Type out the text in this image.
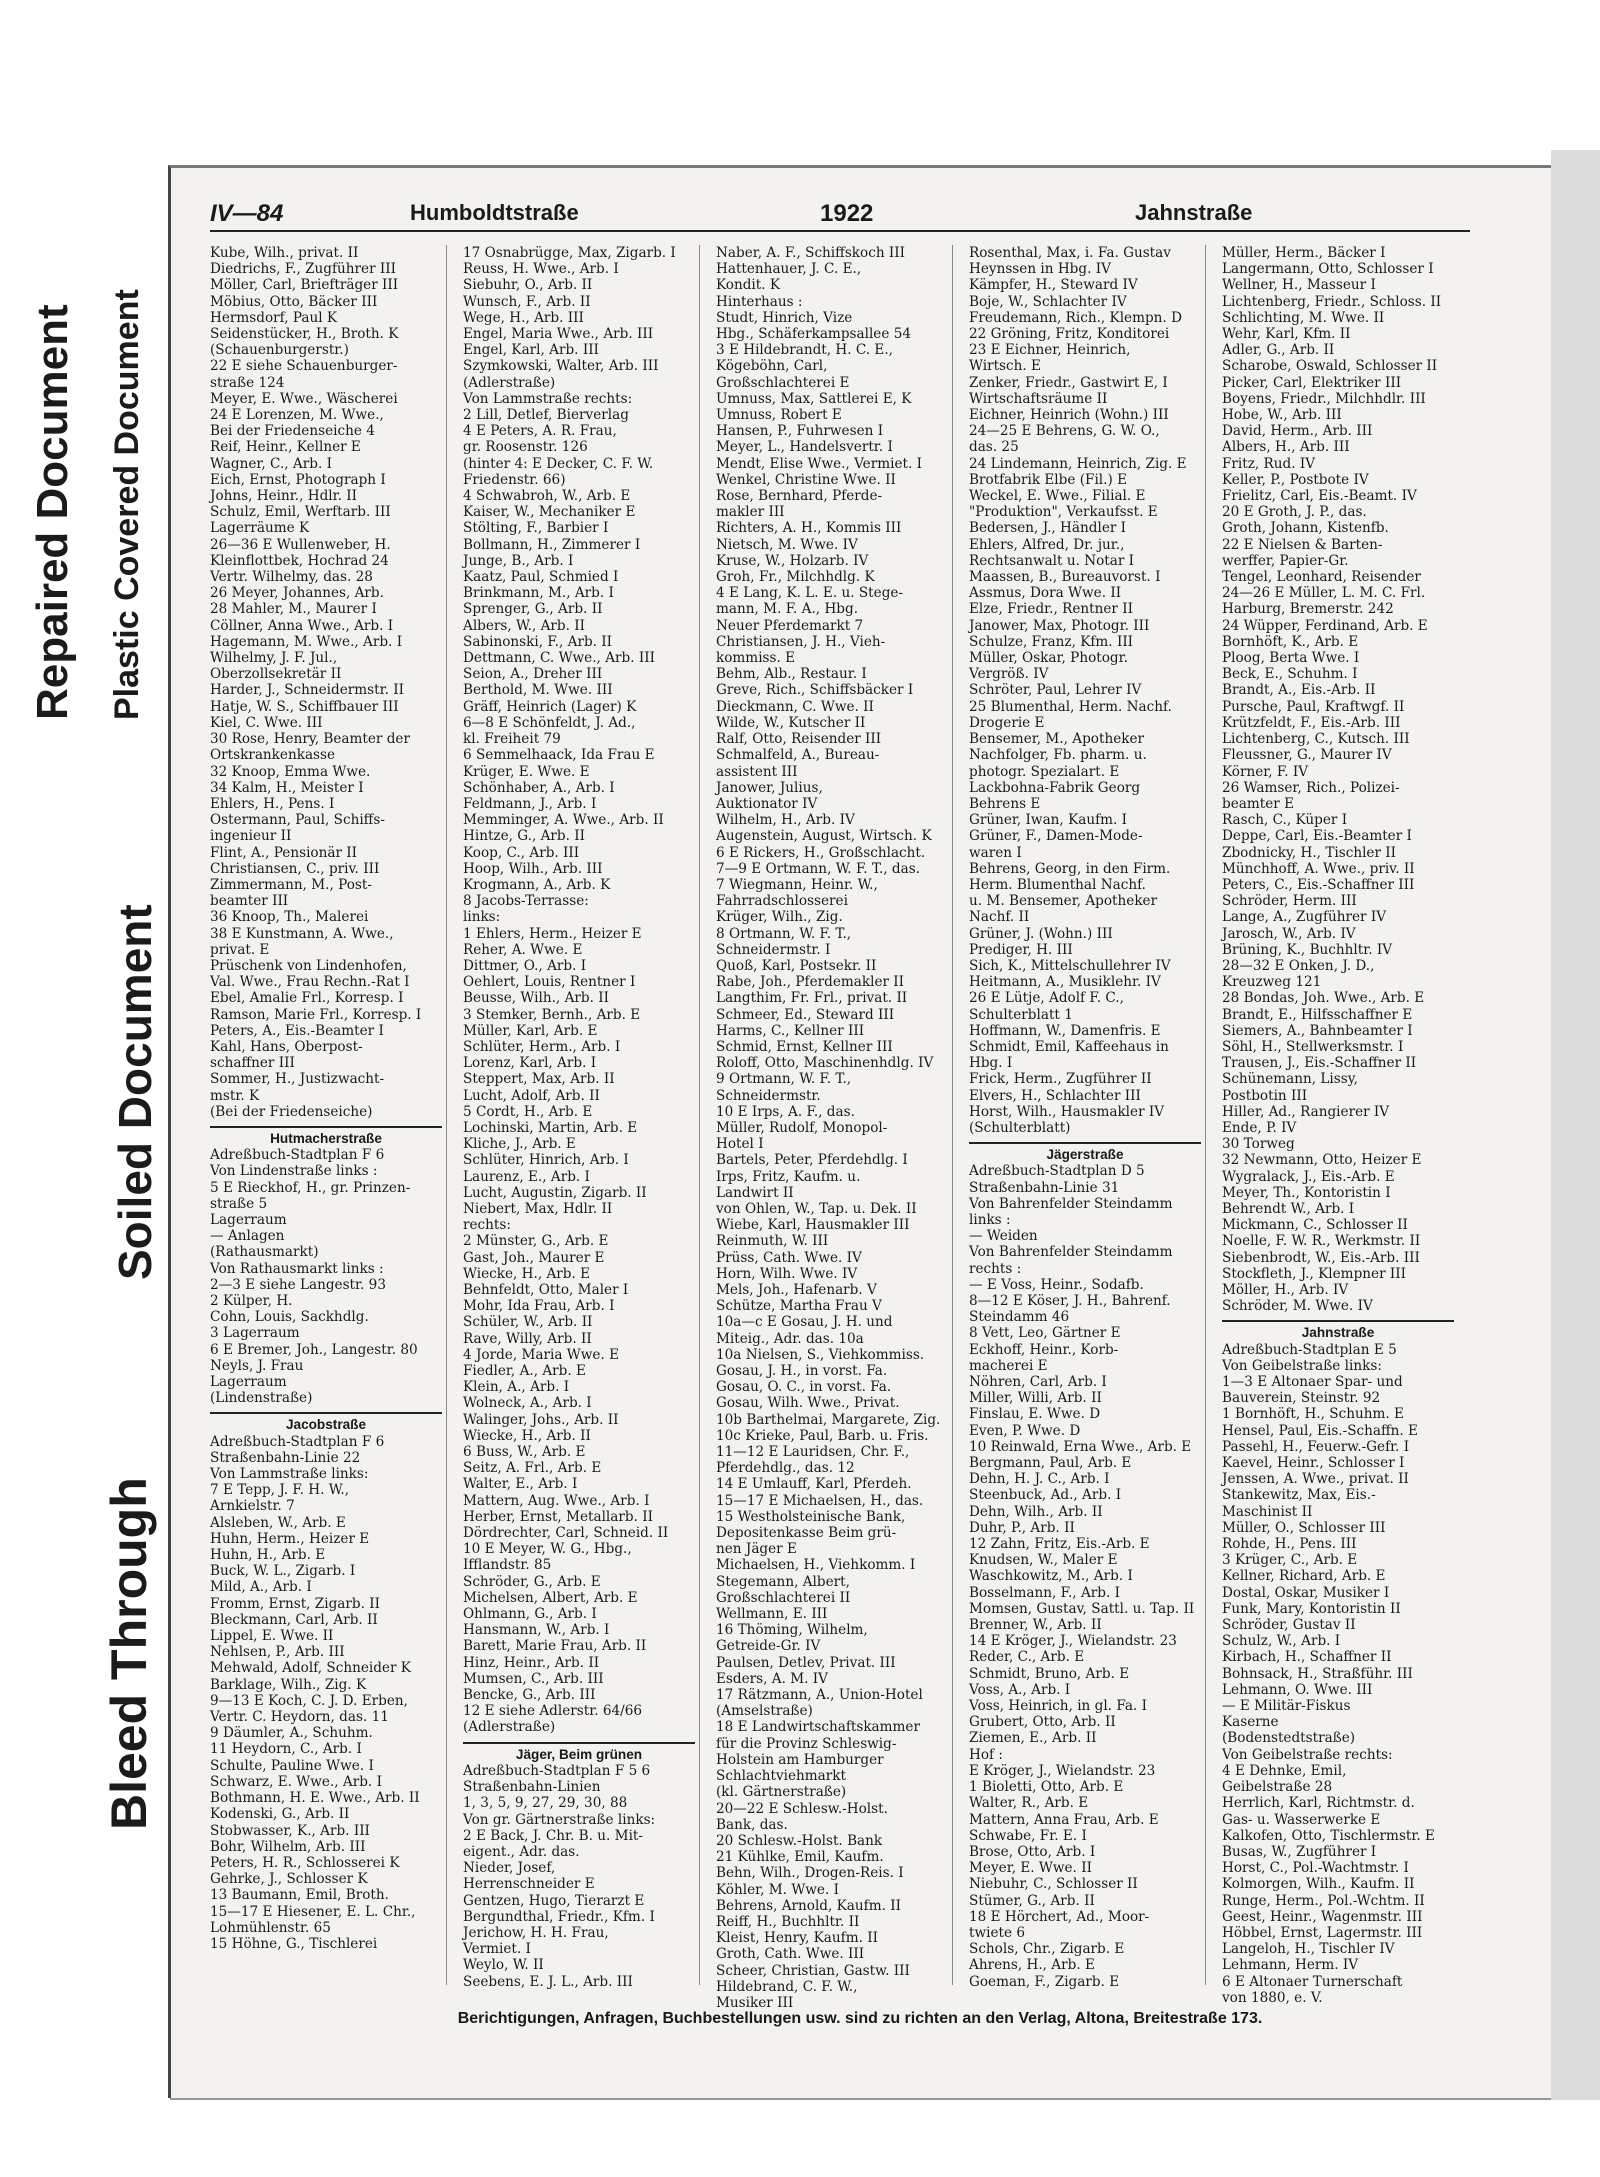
Repaired Document Plastic Covered Document
Soiled Document
Bleed Through
IV—84	Humboldtstraße	1922	Jahnstraße
Kube, Wilh., privat. II
Diedrichs, F., Zugführer III
Möller, Carl, Briefträger III
Möbius, Otto, Bäcker III
Hermsdorf, Paul K
Seidenstücker, H., Broth. K
(Schauenburgerstr.)
22 E siehe Schauenburger-
straße 124
Meyer, E. Wwe., Wäscherei
24 E Lorenzen, M. Wwe.,
Bei der Friedenseiche 4
Reif, Heinr., Kellner E
Wagner, C., Arb. I
Eich, Ernst, Photograph I
Johns, Heinr., Hdlr. II
Schulz, Emil, Werftarb. III
Lagerräume K
26—36 E Wullenweber, H.
Kleinflottbek, Hochrad 24
Vertr. Wilhelmy, das. 28
26 Meyer, Johannes, Arb.
28 Mahler, M., Maurer I
Cöllner, Anna Wwe., Arb. I
Hagemann, M. Wwe., Arb. I
Wilhelmy, J. F. Jul.,
Oberzollsekretär II
Harder, J., Schneidermstr. II
Hatje, W. S., Schiffbauer III
Kiel, C. Wwe. III
30 Rose, Henry, Beamter der
Ortskrankenkasse
32 Knoop, Emma Wwe.
34 Kalm, H., Meister I
Ehlers, H., Pens. I
Ostermann, Paul, Schiffs-
ingenieur II
Flint, A., Pensionär II
Christiansen, C., priv. III
Zimmermann, M., Post-
beamter III
36 Knoop, Th., Malerei
38 E Kunstmann, A. Wwe.,
privat. E
Prüschenk von Lindenhofen,
Val. Wwe., Frau Rechn.-Rat I
Ebel, Amalie Frl., Korresp. I
Ramson, Marie Frl., Korresp. I
Peters, A., Eis.-Beamter I
Kahl, Hans, Oberpost-
schaffner III
Sommer, H., Justizwacht-
mstr. K
(Bei der Friedenseiche)
Hutmacherstraße
Adreßbuch-Stadtplan F 6
Von Lindenstraße links :
5 E Rieckhof, H., gr. Prinzen-
straße 5
Lagerraum
— Anlagen
(Rathausmarkt)
Von Rathausmarkt links :
2—3 E siehe Langestr. 93
2 Külper, H.
Cohn, Louis, Sackhdlg.
3 Lagerraum
6 E Bremer, Joh., Langestr. 80
Neyls, J. Frau
Lagerraum
(Lindenstraße)
Jacobstraße
Adreßbuch-Stadtplan F 6
Straßenbahn-Linie 22
Von Lammstraße links:
7 E Tepp, J. F. H. W.,
Arnkielstr. 7
Alsleben, W., Arb. E
Huhn, Herm., Heizer E
Huhn, H., Arb. E
Buck, W. L., Zigarb. I
Mild, A., Arb. I
Fromm, Ernst, Zigarb. II
Bleckmann, Carl, Arb. II
Lippel, E. Wwe. II
Nehlsen, P., Arb. III
Mehwald, Adolf, Schneider K
Barklage, Wilh., Zig. K
9—13 E Koch, C. J. D. Erben,
Vertr. C. Heydorn, das. 11
9 Däumler, A., Schuhm.
11 Heydorn, C., Arb. I
Schulte, Pauline Wwe. I
Schwarz, E. Wwe., Arb. I
Bothmann, H. E. Wwe., Arb. II
Kodenski, G., Arb. II
Stobwasser, K., Arb. III
Bohr, Wilhelm, Arb. III
Peters, H. R., Schlosserei K
Gehrke, J., Schlosser K
13 Baumann, Emil, Broth.
15—17 E Hiesener, E. L. Chr.,
Lohmühlenstr. 65
15 Höhne, G., Tischlerei
17 Osnabrügge, Max, Zigarb. I
Reuss, H. Wwe., Arb. I
Siebuhr, O., Arb. II
Wunsch, F., Arb. II
Wege, H., Arb. III
Engel, Maria Wwe., Arb. III
Engel, Karl, Arb. III
Szymkowski, Walter, Arb. III
(Adlerstraße)
Von Lammstraße rechts:
2 Lill, Detlef, Bierverlag
4 E Peters, A. R. Frau,
gr. Roosenstr. 126
(hinter 4: E Decker, C. F. W.
Friedenstr. 66)
4 Schwabroh, W., Arb. E
Kaiser, W., Mechaniker E
Stölting, F., Barbier I
Bollmann, H., Zimmerer I
Junge, B., Arb. I
Kaatz, Paul, Schmied I
Brinkmann, M., Arb. I
Sprenger, G., Arb. II
Albers, W., Arb. II
Sabinonski, F., Arb. II
Dettmann, C. Wwe., Arb. III
Seion, A., Dreher III
Berthold, M. Wwe. III
Gräff, Heinrich (Lager) K
6—8 E Schönfeldt, J. Ad.,
kl. Freiheit 79
6 Semmelhaack, Ida Frau E
Krüger, E. Wwe. E
Schönhaber, A., Arb. I
Feldmann, J., Arb. I
Memminger, A. Wwe., Arb. II
Hintze, G., Arb. II
Koop, C., Arb. III
Hoop, Wilh., Arb. III
Krogmann, A., Arb. K
8 Jacobs-Terrasse:
links:
1 Ehlers, Herm., Heizer E
Reher, A. Wwe. E
Dittmer, O., Arb. I
Oehlert, Louis, Rentner I
Beusse, Wilh., Arb. II
3 Stemker, Bernh., Arb. E
Müller, Karl, Arb. E
Schlüter, Herm., Arb. I
Lorenz, Karl, Arb. I
Steppert, Max, Arb. II
Lucht, Adolf, Arb. II
5 Cordt, H., Arb. E
Lochinski, Martin, Arb. E
Kliche, J., Arb. E
Schlüter, Hinrich, Arb. I
Laurenz, E., Arb. I
Lucht, Augustin, Zigarb. II
Niebert, Max, Hdlr. II
rechts:
2 Münster, G., Arb. E
Gast, Joh., Maurer E
Wiecke, H., Arb. E
Behnfeldt, Otto, Maler I
Mohr, Ida Frau, Arb. I
Schüler, W., Arb. II
Rave, Willy, Arb. II
4 Jorde, Maria Wwe. E
Fiedler, A., Arb. E
Klein, A., Arb. I
Wolneck, A., Arb. I
Walinger, Johs., Arb. II
Wiecke, H., Arb. II
6 Buss, W., Arb. E
Seitz, A. Frl., Arb. E
Walter, E., Arb. I
Mattern, Aug. Wwe., Arb. I
Herber, Ernst, Metallarb. II
Dördrechter, Carl, Schneid. II
10 E Meyer, W. G., Hbg.,
Ifflandstr. 85
Schröder, G., Arb. E
Michelsen, Albert, Arb. E
Ohlmann, G., Arb. I
Hansmann, W., Arb. I
Barett, Marie Frau, Arb. II
Hinz, Heinr., Arb. II
Mumsen, C., Arb. III
Bencke, G., Arb. III
12 E siehe Adlerstr. 64/66
(Adlerstraße)
Jäger, Beim grünen
Adreßbuch-Stadtplan F 5 6
Straßenbahn-Linien
1, 3, 5, 9, 27, 29, 30, 88
Von gr. Gärtnerstraße links:
2 E Back, J. Chr. B. u. Mit-
eigent., Adr. das.
Nieder, Josef,
Herrenschneider E
Gentzen, Hugo, Tierarzt E
Bergundthal, Friedr., Kfm. I
Jerichow, H. H. Frau,
Vermiet. I
Weylo, W. II
Seebens, E. J. L., Arb. III
Naber, A. F., Schiffskoch III
Hattenhauer, J. C. E.,
Kondit. K
Hinterhaus :
Studt, Hinrich, Vize
Hbg., Schäferkampsallee 54
3 E Hildebrandt, H. C. E.,
Kögeböhn, Carl,
Großschlachterei E
Umnuss, Max, Sattlerei E, K
Umnuss, Robert E
Hansen, P., Fuhrwesen I
Meyer, L., Handelsvertr. I
Mendt, Elise Wwe., Vermiet. I
Wenkel, Christine Wwe. II
Rose, Bernhard, Pferde-
makler III
Richters, A. H., Kommis III
Nietsch, M. Wwe. IV
Kruse, W., Holzarb. IV
Groh, Fr., Milchhdlg. K
4 E Lang, K. L. E. u. Stege-
mann, M. F. A., Hbg.
Neuer Pferdemarkt 7
Christiansen, J. H., Vieh-
kommiss. E
Behm, Alb., Restaur. I
Greve, Rich., Schiffsbäcker I
Dieckmann, C. Wwe. II
Wilde, W., Kutscher II
Ralf, Otto, Reisender III
Schmalfeld, A., Bureau-
assistent III
Janower, Julius,
Auktionator IV
Wilhelm, H., Arb. IV
Augenstein, August, Wirtsch. K
6 E Rickers, H., Großschlacht.
7—9 E Ortmann, W. F. T., das.
7 Wiegmann, Heinr. W.,
Fahrradschlosserei
Krüger, Wilh., Zig.
8 Ortmann, W. F. T.,
Schneidermstr. I
Quoß, Karl, Postsekr. II
Rabe, Joh., Pferdemakler II
Langthim, Fr. Frl., privat. II
Schmeer, Ed., Steward III
Harms, C., Kellner III
Schmid, Ernst, Kellner III
Roloff, Otto, Maschinenhdlg. IV
9 Ortmann, W. F. T.,
Schneidermstr.
10 E Irps, A. F., das.
Müller, Rudolf, Monopol-
Hotel I
Bartels, Peter, Pferdehdlg. I
Irps, Fritz, Kaufm. u.
Landwirt II
von Ohlen, W., Tap. u. Dek. II
Wiebe, Karl, Hausmakler III
Reinmuth, W. III
Prüss, Cath. Wwe. IV
Horn, Wilh. Wwe. IV
Mels, Joh., Hafenarb. V
Schütze, Martha Frau V
10a—c E Gosau, J. H. und
Miteig., Adr. das. 10a
10a Nielsen, S., Viehkommiss.
Gosau, J. H., in vorst. Fa.
Gosau, O. C., in vorst. Fa.
Gosau, Wilh. Wwe., Privat.
10b Barthelmai, Margarete, Zig.
10c Krieke, Paul, Barb. u. Fris.
11—12 E Lauridsen, Chr. F.,
Pferdehdlg., das. 12
14 E Umlauff, Karl, Pferdeh.
15—17 E Michaelsen, H., das.
15 Westholsteinische Bank,
Depositenkasse Beim grü-
nen Jäger E
Michaelsen, H., Viehkomm. I
Stegemann, Albert,
Großschlachterei II
Wellmann, E. III
16 Thöming, Wilhelm,
Getreide-Gr. IV
Paulsen, Detlev, Privat. III
Esders, A. M. IV
17 Rätzmann, A., Union-Hotel
(Amselstraße)
18 E Landwirtschaftskammer
für die Provinz Schleswig-
Holstein am Hamburger
Schlachtviehmarkt
(kl. Gärtnerstraße)
20—22 E Schlesw.-Holst.
Bank, das.
20 Schlesw.-Holst. Bank
21 Kühlke, Emil, Kaufm.
Behn, Wilh., Drogen-Reis. I
Köhler, M. Wwe. I
Behrens, Arnold, Kaufm. II
Reiff, H., Buchhltr. II
Kleist, Henry, Kaufm. II
Groth, Cath. Wwe. III
Scheer, Christian, Gastw. III
Hildebrand, C. F. W.,
Musiker III
Rosenthal, Max, i. Fa. Gustav
Heynssen in Hbg. IV
Kämpfer, H., Steward IV
Boje, W., Schlachter IV
Freudemann, Rich., Klempn. D
22 Gröning, Fritz, Konditorei
23 E Eichner, Heinrich,
Wirtsch. E
Zenker, Friedr., Gastwirt E, I
Wirtschaftsräume II
Eichner, Heinrich (Wohn.) III
24—25 E Behrens, G. W. O.,
das. 25
24 Lindemann, Heinrich, Zig. E
Brotfabrik Elbe (Fil.) E
Weckel, E. Wwe., Filial. E
"Produktion", Verkaufsst. E
Bedersen, J., Händler I
Ehlers, Alfred, Dr. jur.,
Rechtsanwalt u. Notar I
Maassen, B., Bureauvorst. I
Assmus, Dora Wwe. II
Elze, Friedr., Rentner II
Janower, Max, Photogr. III
Schulze, Franz, Kfm. III
Müller, Oskar, Photogr.
Vergröß. IV
Schröter, Paul, Lehrer IV
25 Blumenthal, Herm. Nachf.
Drogerie E
Bensemer, M., Apotheker
Nachfolger, Fb. pharm. u.
photogr. Spezialart. E
Lackbohna-Fabrik Georg
Behrens E
Grüner, Iwan, Kaufm. I
Grüner, F., Damen-Mode-
waren I
Behrens, Georg, in den Firm.
Herm. Blumenthal Nachf.
u. M. Bensemer, Apotheker
Nachf. II
Grüner, J. (Wohn.) III
Prediger, H. III
Sich, K., Mittelschullehrer IV
Heitmann, A., Musiklehr. IV
26 E Lütje, Adolf F. C.,
Schulterblatt 1
Hoffmann, W., Damenfris. E
Schmidt, Emil, Kaffeehaus in
Hbg. I
Frick, Herm., Zugführer II
Elvers, H., Schlachter III
Horst, Wilh., Hausmakler IV
(Schulterblatt)
Jägerstraße
Adreßbuch-Stadtplan D 5
Straßenbahn-Linie 31
Von Bahrenfelder Steindamm
links :
— Weiden
Von Bahrenfelder Steindamm
rechts :
— E Voss, Heinr., Sodafb.
8—12 E Köser, J. H., Bahrenf.
Steindamm 46
8 Vett, Leo, Gärtner E
Eckhoff, Heinr., Korb-
macherei E
Nöhren, Carl, Arb. I
Miller, Willi, Arb. II
Finslau, E. Wwe. D
Even, P. Wwe. D
10 Reinwald, Erna Wwe., Arb. E
Bergmann, Paul, Arb. E
Dehn, H. J. C., Arb. I
Steenbuck, Ad., Arb. I
Dehn, Wilh., Arb. II
Duhr, P., Arb. II
12 Zahn, Fritz, Eis.-Arb. E
Knudsen, W., Maler E
Waschkowitz, M., Arb. I
Bosselmann, F., Arb. I
Momsen, Gustav, Sattl. u. Tap. II
Brenner, W., Arb. II
14 E Kröger, J., Wielandstr. 23
Reder, C., Arb. E
Schmidt, Bruno, Arb. E
Voss, A., Arb. I
Voss, Heinrich, in gl. Fa. I
Grubert, Otto, Arb. II
Ziemen, E., Arb. II
Hof :
E Kröger, J., Wielandstr. 23
1 Bioletti, Otto, Arb. E
Walter, R., Arb. E
Mattern, Anna Frau, Arb. E
Schwabe, Fr. E. I
Brose, Otto, Arb. I
Meyer, E. Wwe. II
Niebuhr, C., Schlosser II
Stümer, G., Arb. II
18 E Hörchert, Ad., Moor-
twiete 6
Schols, Chr., Zigarb. E
Ahrens, H., Arb. E
Goeman, F., Zigarb. E
Müller, Herm., Bäcker I
Langermann, Otto, Schlosser I
Wellner, H., Masseur I
Lichtenberg, Friedr., Schloss. II
Schlichting, M. Wwe. II
Wehr, Karl, Kfm. II
Adler, G., Arb. II
Scharobe, Oswald, Schlosser II
Picker, Carl, Elektriker III
Boyens, Friedr., Milchhdlr. III
Hobe, W., Arb. III
David, Herm., Arb. III
Albers, H., Arb. III
Fritz, Rud. IV
Keller, P., Postbote IV
Frielitz, Carl, Eis.-Beamt. IV
20 E Groth, J. P., das.
Groth, Johann, Kistenfb.
22 E Nielsen & Barten-
werffer, Papier-Gr.
Tengel, Leonhard, Reisender
24—26 E Müller, L. M. C. Frl.
Harburg, Bremerstr. 242
24 Wüpper, Ferdinand, Arb. E
Bornhöft, K., Arb. E
Ploog, Berta Wwe. I
Beck, E., Schuhm. I
Brandt, A., Eis.-Arb. II
Pursche, Paul, Kraftwgf. II
Krützfeldt, F., Eis.-Arb. III
Lichtenberg, C., Kutsch. III
Fleussner, G., Maurer IV
Körner, F. IV
26 Wamser, Rich., Polizei-
beamter E
Rasch, C., Küper I
Deppe, Carl, Eis.-Beamter I
Zbodnicky, H., Tischler II
Münchhoff, A. Wwe., priv. II
Peters, C., Eis.-Schaffner III
Schröder, Herm. III
Lange, A., Zugführer IV
Jarosch, W., Arb. IV
Brüning, K., Buchhltr. IV
28—32 E Onken, J. D.,
Kreuzweg 121
28 Bondas, Joh. Wwe., Arb. E
Brandt, E., Hilfsschaffner E
Siemers, A., Bahnbeamter I
Söhl, H., Stellwerksmstr. I
Trausen, J., Eis.-Schaffner II
Schünemann, Lissy,
Postbotin III
Hiller, Ad., Rangierer IV
Ende, P. IV
30 Torweg
32 Newmann, Otto, Heizer E
Wygralack, J., Eis.-Arb. E
Meyer, Th., Kontoristin I
Behrendt W., Arb. I
Mickmann, C., Schlosser II
Noelle, F. W. R., Werkmstr. II
Siebenbrodt, W., Eis.-Arb. III
Stockfleth, J., Klempner III
Möller, H., Arb. IV
Schröder, M. Wwe. IV
Jahnstraße
Adreßbuch-Stadtplan E 5
Von Geibelstraße links:
1—3 E Altonaer Spar- und
Bauverein, Steinstr. 92
1 Bornhöft, H., Schuhm. E
Hensel, Paul, Eis.-Schaffn. E
Passehl, H., Feuerw.-Gefr. I
Kaevel, Heinr., Schlosser I
Jenssen, A. Wwe., privat. II
Stankewitz, Max, Eis.-
Maschinist II
Müller, O., Schlosser III
Rohde, H., Pens. III
3 Krüger, C., Arb. E
Kellner, Richard, Arb. E
Dostal, Oskar, Musiker I
Funk, Mary, Kontoristin II
Schröder, Gustav II
Schulz, W., Arb. I
Kirbach, H., Schaffner II
Bohnsack, H., Straßführ. III
Lehmann, O. Wwe. III
— E Militär-Fiskus
Kaserne
(Bodenstedtstraße)
Von Geibelstraße rechts:
4 E Dehnke, Emil,
Geibelstraße 28
Herrlich, Karl, Richtmstr. d.
Gas- u. Wasserwerke E
Kalkofen, Otto, Tischlermstr. E
Busas, W., Zugführer I
Horst, C., Pol.-Wachtmstr. I
Kolmorgen, Wilh., Kaufm. II
Runge, Herm., Pol.-Wchtm. II
Geest, Heinr., Wagenmstr. III
Höbbel, Ernst, Lagermstr. III
Langeloh, H., Tischler IV
Lehmann, Herm. IV
6 E Altonaer Turnerschaft
von 1880, e. V.
Berichtigungen, Anfragen, Buchbestellungen usw. sind zu richten an den Verlag, Altona, Breitestraße 173.
